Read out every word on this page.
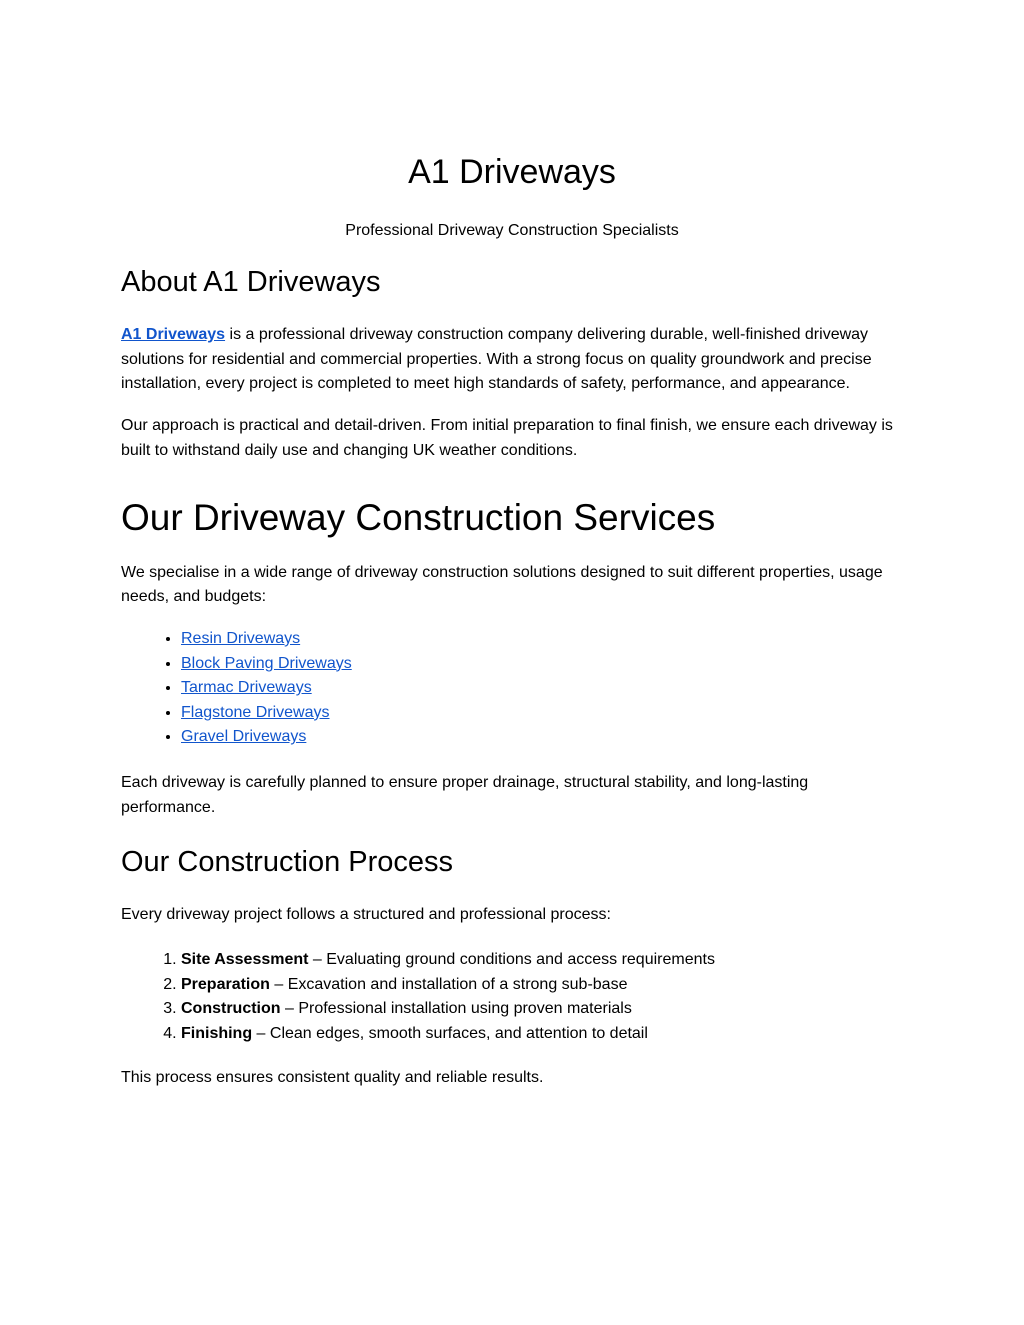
A1 Driveways

Professional Driveway Construction Specialists

About A1 Driveways

A1 Driveways is a professional driveway construction company delivering durable, well-finished driveway solutions for residential and commercial properties. With a strong focus on quality groundwork and precise installation, every project is completed to meet high standards of safety, performance, and appearance.

Our approach is practical and detail-driven. From initial preparation to final finish, we ensure each driveway is built to withstand daily use and changing UK weather conditions.

Our Driveway Construction Services

We specialise in a wide range of driveway construction solutions designed to suit different properties, usage needs, and budgets:

• Resin Driveways
• Block Paving Driveways
• Tarmac Driveways
• Flagstone Driveways
• Gravel Driveways

Each driveway is carefully planned to ensure proper drainage, structural stability, and long-lasting performance.

Our Construction Process

Every driveway project follows a structured and professional process:

1. Site Assessment – Evaluating ground conditions and access requirements
2. Preparation – Excavation and installation of a strong sub-base
3. Construction – Professional installation using proven materials
4. Finishing – Clean edges, smooth surfaces, and attention to detail

This process ensures consistent quality and reliable results.
